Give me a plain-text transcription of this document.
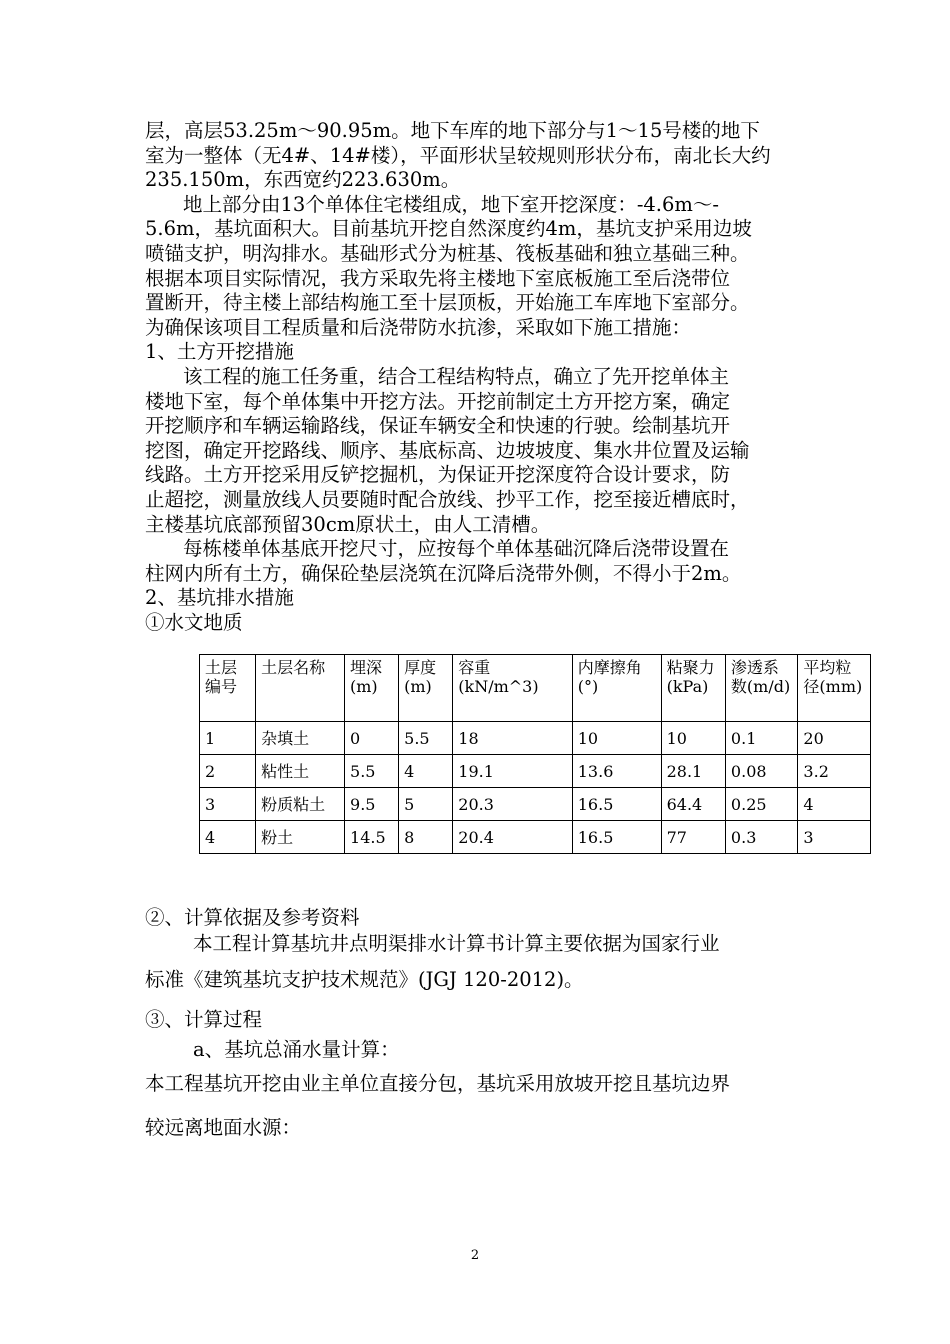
层，高层53.25m～90.95m。地下车库的地下部分与1～15号楼的地下

室为一整体（无4#、14#楼），平面形状呈较规则形状分布，南北长大约

235.150m，东西宽约223.630m。

地上部分由13个单体住宅楼组成，地下室开挖深度：-4.6m～-

5.6m，基坑面积大。目前基坑开挖自然深度约4m，基坑支护采用边坡

喷锚支护，明沟排水。基础形式分为桩基、筏板基础和独立基础三种。

根据本项目实际情况，我方采取先将主楼地下室底板施工至后浇带位

置断开，待主楼上部结构施工至十层顶板，开始施工车库地下室部分。

为确保该项目工程质量和后浇带防水抗渗，采取如下施工措施：

1、土方开挖措施

该工程的施工任务重，结合工程结构特点，确立了先开挖单体主

楼地下室，每个单体集中开挖方法。开挖前制定土方开挖方案，确定

开挖顺序和车辆运输路线，保证车辆安全和快速的行驶。绘制基坑开

挖图，确定开挖路线、顺序、基底标高、边坡坡度、集水井位置及运输

线路。土方开挖采用反铲挖掘机，为保证开挖深度符合设计要求，防

止超挖，测量放线人员要随时配合放线、抄平工作，挖至接近槽底时，

主楼基坑底部预留30cm原状土，由人工清槽。

每栋楼单体基底开挖尺寸，应按每个单体基础沉降后浇带设置在

柱网内所有土方，确保砼垫层浇筑在沉降后浇带外侧，不得小于2m。

2、基坑排水措施

①水文地质

土层编号	土层名称	埋深(m)	厚度(m)	容重(kN/m^3)	内摩擦角(°)	粘聚力(kPa)	渗透系数(m/d)	平均粒径(mm)
1	杂填土	0	5.5	18	10	10	0.1	20
2	粘性土	5.5	4	19.1	13.6	28.1	0.08	3.2
3	粉质粘土	9.5	5	20.3	16.5	64.4	0.25	4
4	粉土	14.5	8	20.4	16.5	77	0.3	3

②、计算依据及参考资料

本工程计算基坑井点明渠排水计算书计算主要依据为国家行业

标准《建筑基坑支护技术规范》(JGJ 120-2012)。

③、计算过程

a、基坑总涌水量计算：

本工程基坑开挖由业主单位直接分包，基坑采用放坡开挖且基坑边界

较远离地面水源：

2
